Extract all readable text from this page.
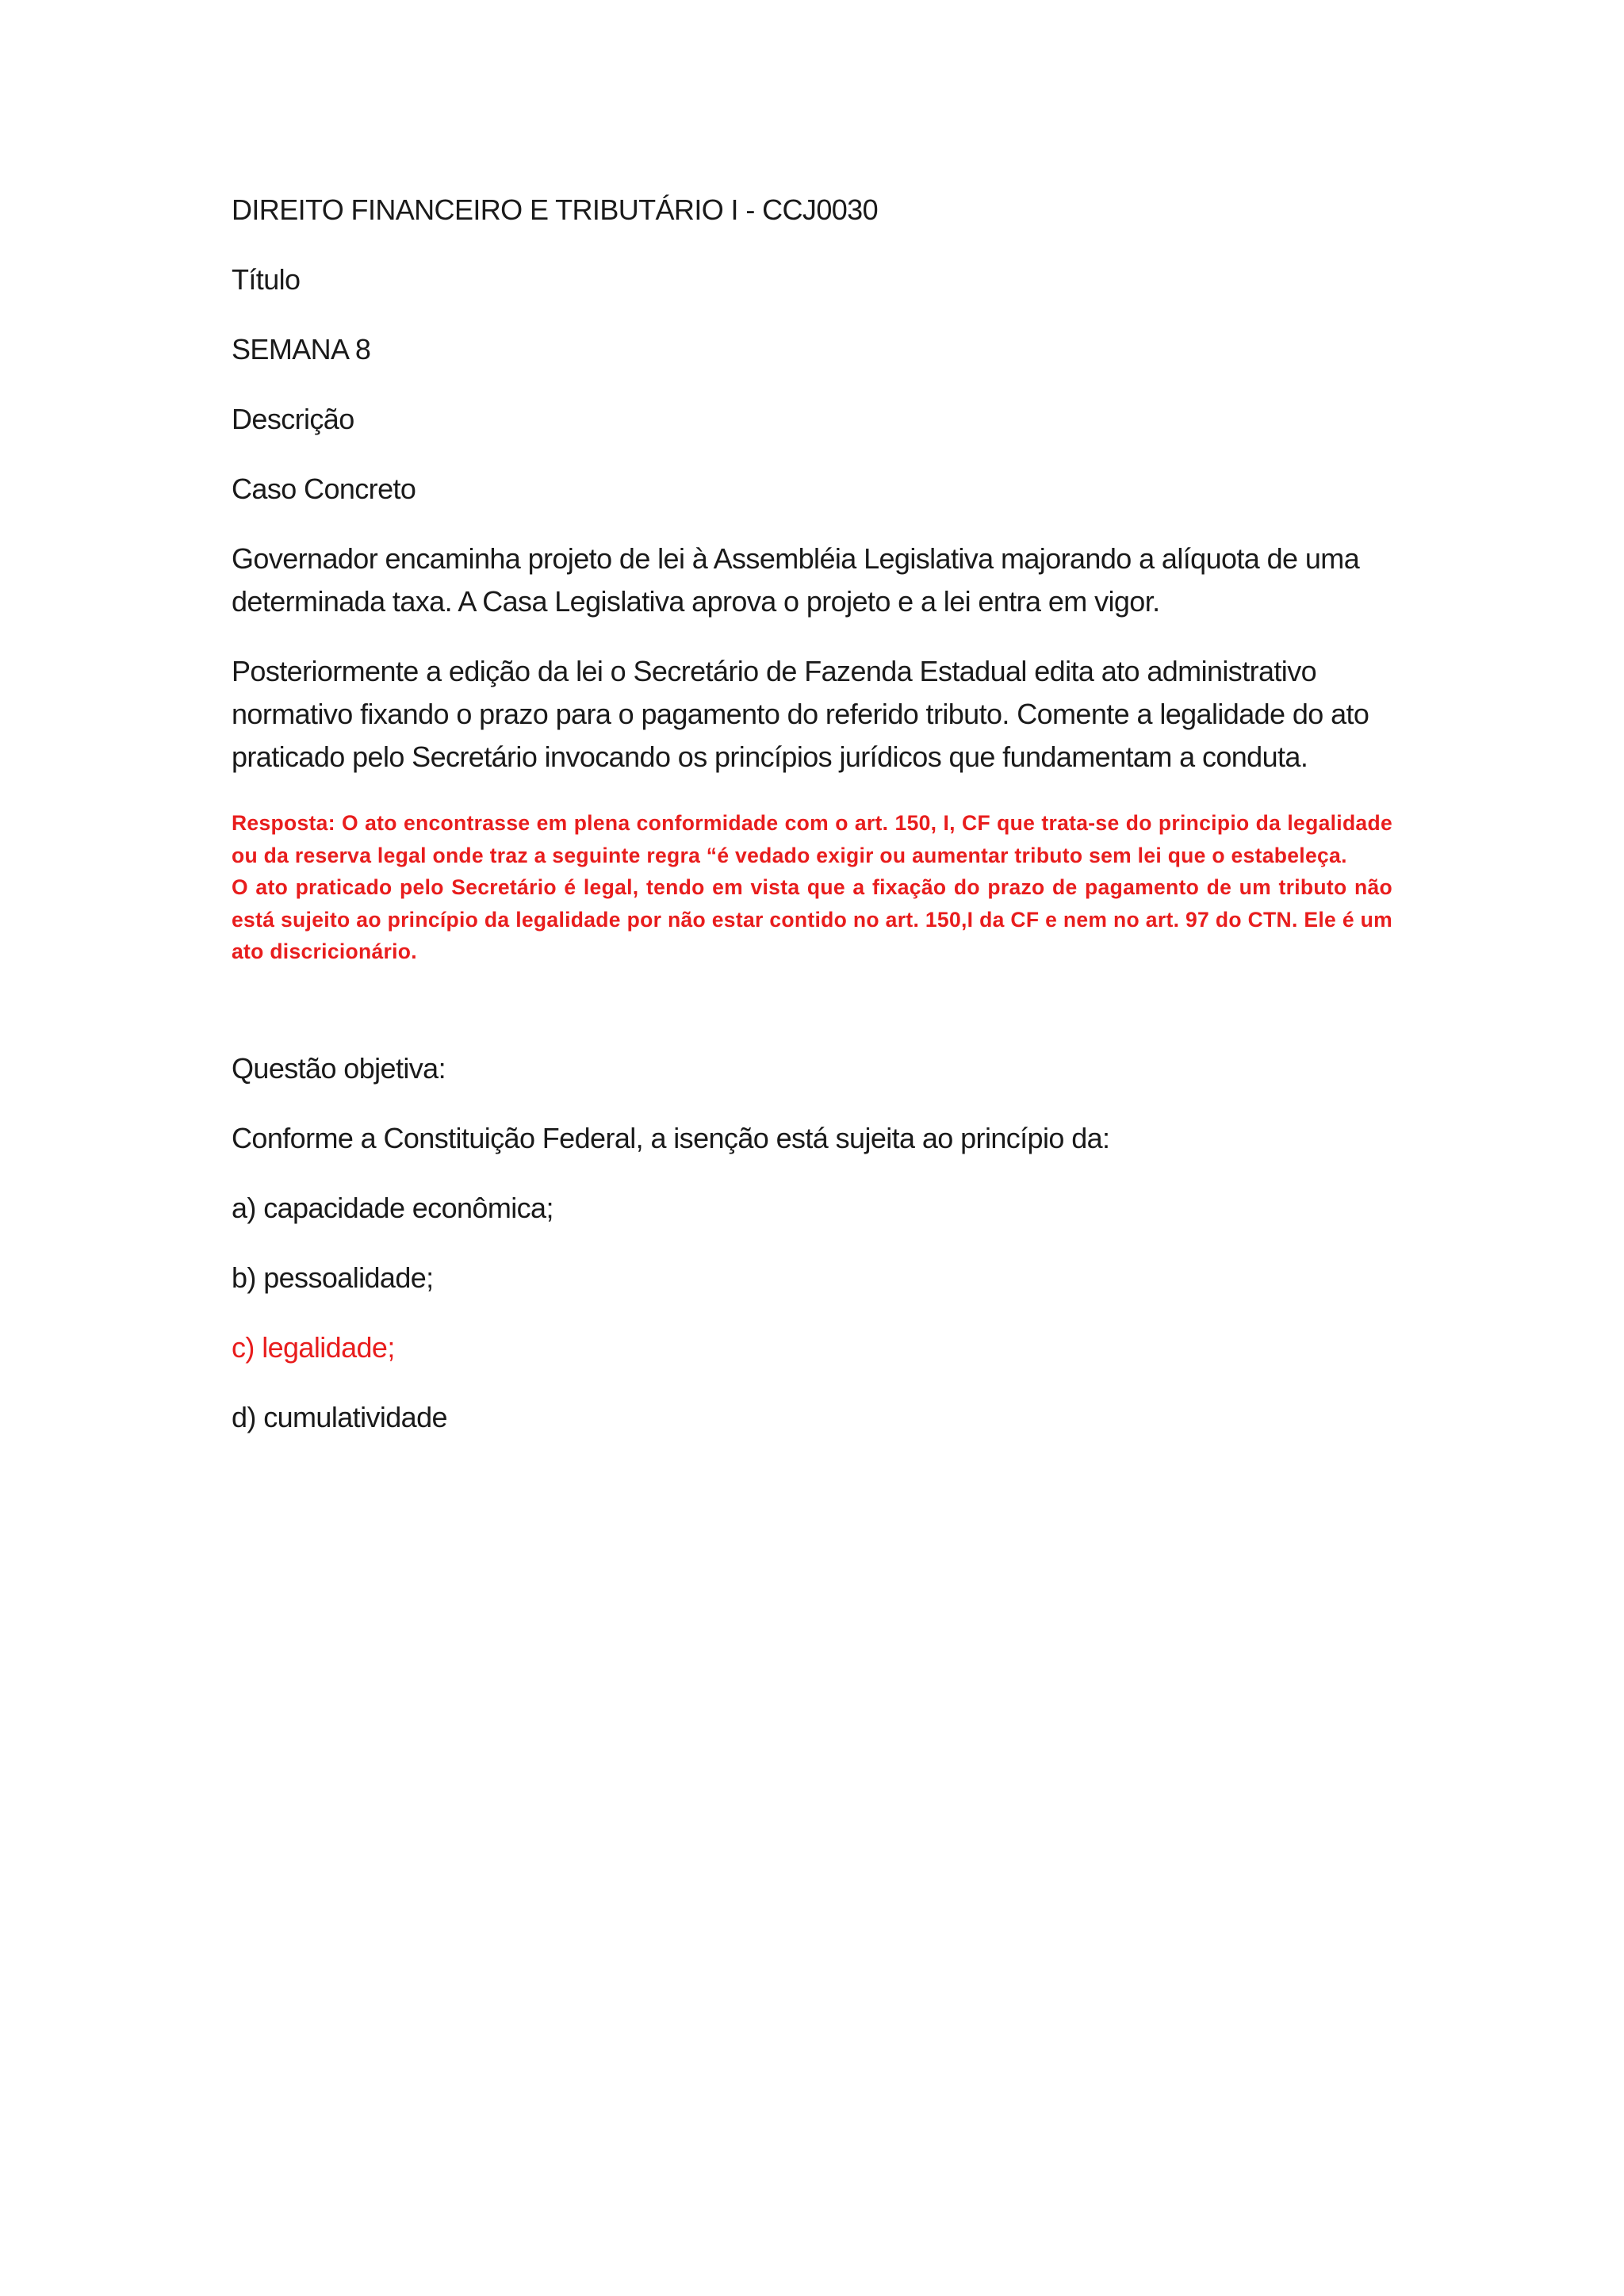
DIREITO FINANCEIRO E TRIBUTÁRIO I - CCJ0030

Título

SEMANA 8

Descrição

Caso Concreto

Governador encaminha projeto de lei à Assembléia Legislativa majorando a alíquota de uma

determinada taxa. A Casa Legislativa aprova o projeto e a lei entra em vigor.

Posteriormente a edição da lei o Secretário de Fazenda Estadual edita ato administrativo

normativo fixando o prazo para o pagamento do referido tributo. Comente a legalidade do ato

praticado pelo Secretário invocando os princípios jurídicos que fundamentam a conduta.

Resposta: O ato encontrasse em plena conformidade com o art. 150, I, CF que trata-se do principio da legalidade ou da reserva legal onde traz a seguinte regra “é vedado exigir ou aumentar tributo sem lei que o estabeleça.

O ato praticado pelo Secretário é legal, tendo em vista que a fixação do prazo de pagamento de um tributo não está sujeito ao princípio da legalidade por não estar contido no art. 150,I da CF e nem no art. 97 do CTN. Ele é um ato discricionário.

Questão objetiva:

Conforme a Constituição Federal, a isenção está sujeita ao princípio da:

a) capacidade econômica;

b) pessoalidade;

c) legalidade;

d) cumulatividade
